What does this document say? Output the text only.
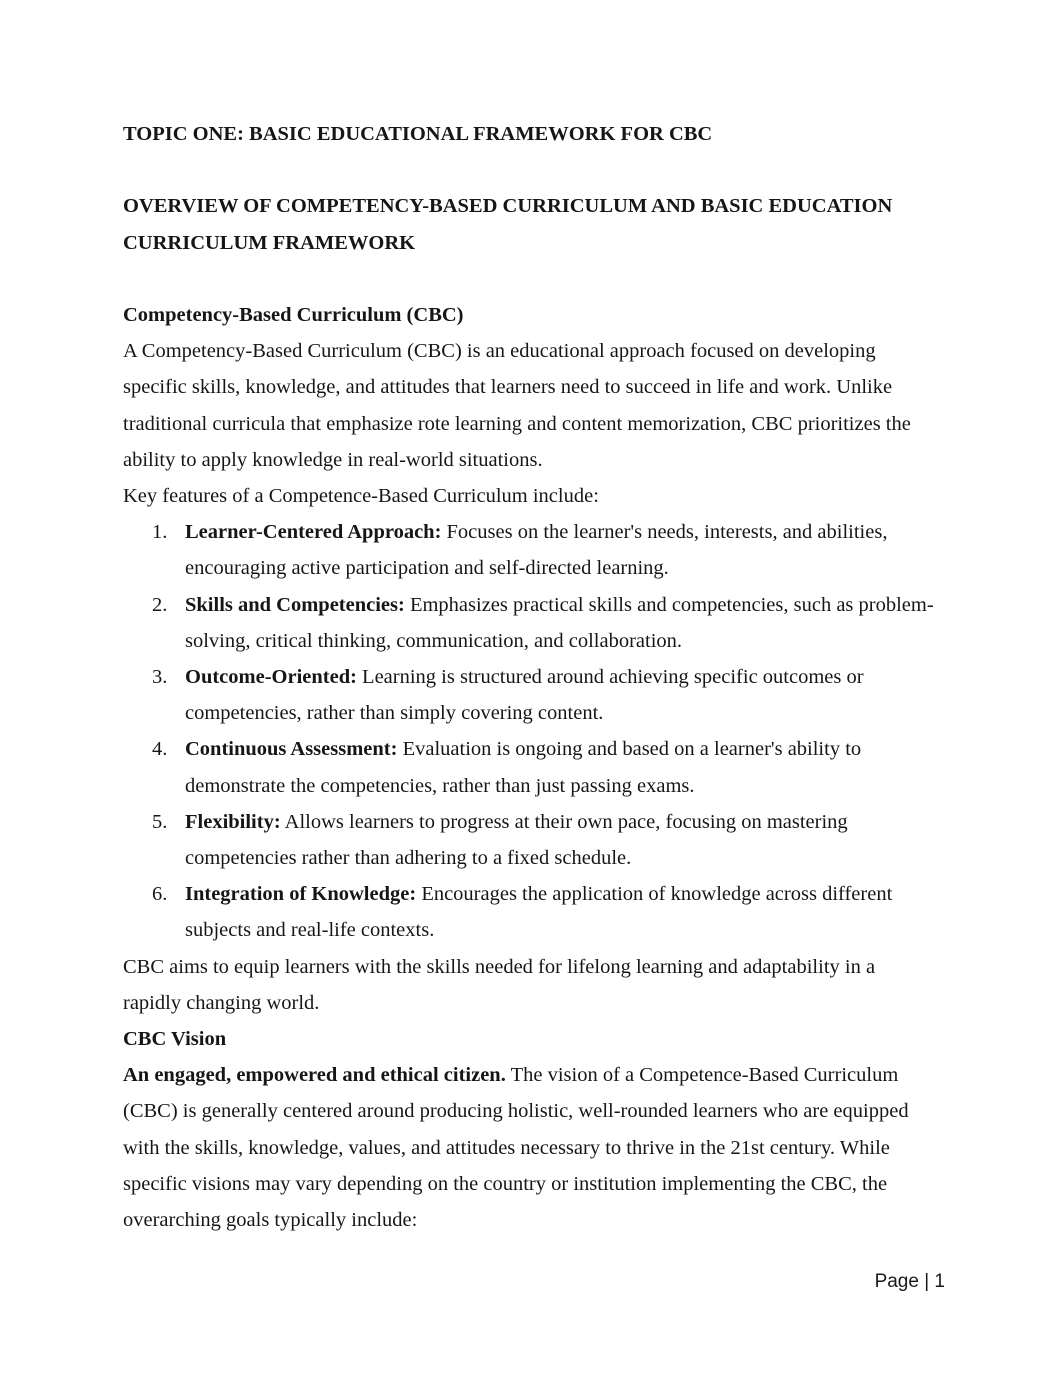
TOPIC ONE: BASIC EDUCATIONAL FRAMEWORK FOR CBC
OVERVIEW OF COMPETENCY-BASED CURRICULUM AND BASIC EDUCATION CURRICULUM FRAMEWORK
Competency-Based Curriculum (CBC)

A Competency-Based Curriculum (CBC) is an educational approach focused on developing specific skills, knowledge, and attitudes that learners need to succeed in life and work. Unlike traditional curricula that emphasize rote learning and content memorization, CBC prioritizes the ability to apply knowledge in real-world situations.

Key features of a Competence-Based Curriculum include:

1. Learner-Centered Approach: Focuses on the learner's needs, interests, and abilities, encouraging active participation and self-directed learning.
2. Skills and Competencies: Emphasizes practical skills and competencies, such as problem-solving, critical thinking, communication, and collaboration.
3. Outcome-Oriented: Learning is structured around achieving specific outcomes or competencies, rather than simply covering content.
4. Continuous Assessment: Evaluation is ongoing and based on a learner's ability to demonstrate the competencies, rather than just passing exams.
5. Flexibility: Allows learners to progress at their own pace, focusing on mastering competencies rather than adhering to a fixed schedule.
6. Integration of Knowledge: Encourages the application of knowledge across different subjects and real-life contexts.

CBC aims to equip learners with the skills needed for lifelong learning and adaptability in a rapidly changing world.

CBC Vision

An engaged, empowered and ethical citizen. The vision of a Competence-Based Curriculum (CBC) is generally centered around producing holistic, well-rounded learners who are equipped with the skills, knowledge, values, and attitudes necessary to thrive in the 21st century. While specific visions may vary depending on the country or institution implementing the CBC, the overarching goals typically include:

Page | 1
